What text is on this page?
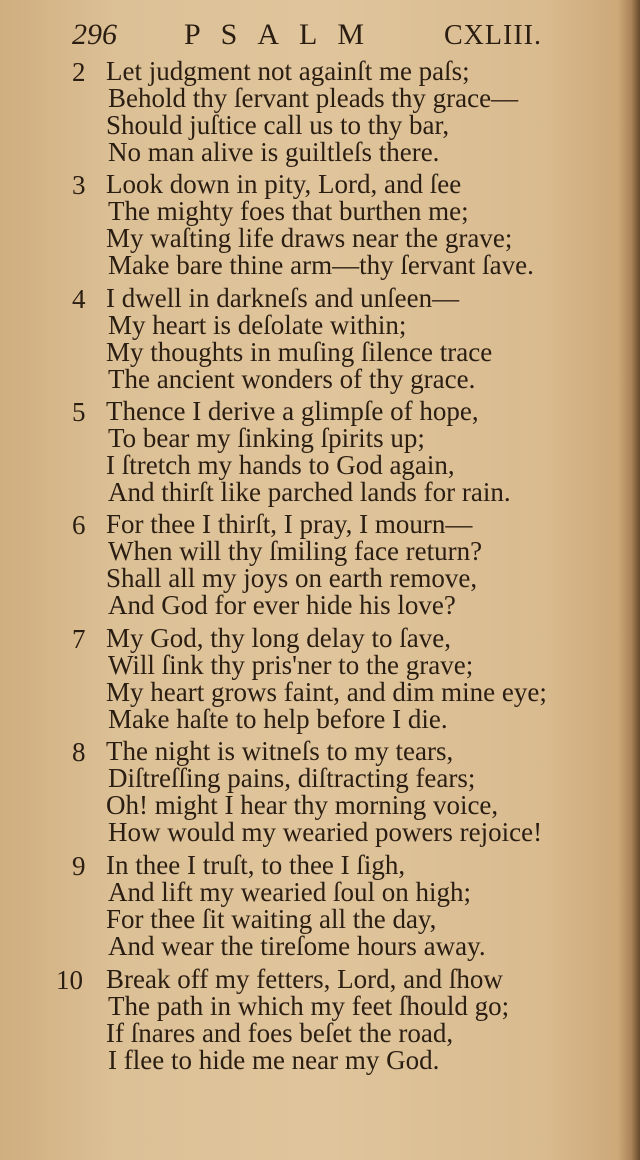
296 PSALM CXLIII.
2 Let judgment not againſt me paſs;
Behold thy ſervant pleads thy grace—
Should juſtice call us to thy bar,
No man alive is guiltleſs there.
3 Look down in pity, Lord, and ſee
The mighty foes that burthen me;
My waſting life draws near the grave;
Make bare thine arm—thy ſervant ſave.
4 I dwell in darkneſs and unſeen—
My heart is deſolate within;
My thoughts in muſing ſilence trace
The ancient wonders of thy grace.
5 Thence I derive a glimpſe of hope,
To bear my ſinking ſpirits up;
I ſtretch my hands to God again,
And thirſt like parched lands for rain.
6 For thee I thirſt, I pray, I mourn—
When will thy ſmiling face return?
Shall all my joys on earth remove,
And God for ever hide his love?
7 My God, thy long delay to ſave,
Will ſink thy pris'ner to the grave;
My heart grows faint, and dim mine eye;
Make haſte to help before I die.
8 The night is witneſs to my tears,
Diſtreſſing pains, diſtracting fears;
Oh! might I hear thy morning voice,
How would my wearied powers rejoice!
9 In thee I truſt, to thee I ſigh,
And lift my wearied ſoul on high;
For thee ſit waiting all the day,
And wear the tireſome hours away.
10 Break off my fetters, Lord, and ſhow
The path in which my feet ſhould go;
If ſnares and foes beſet the road,
I flee to hide me near my God.
